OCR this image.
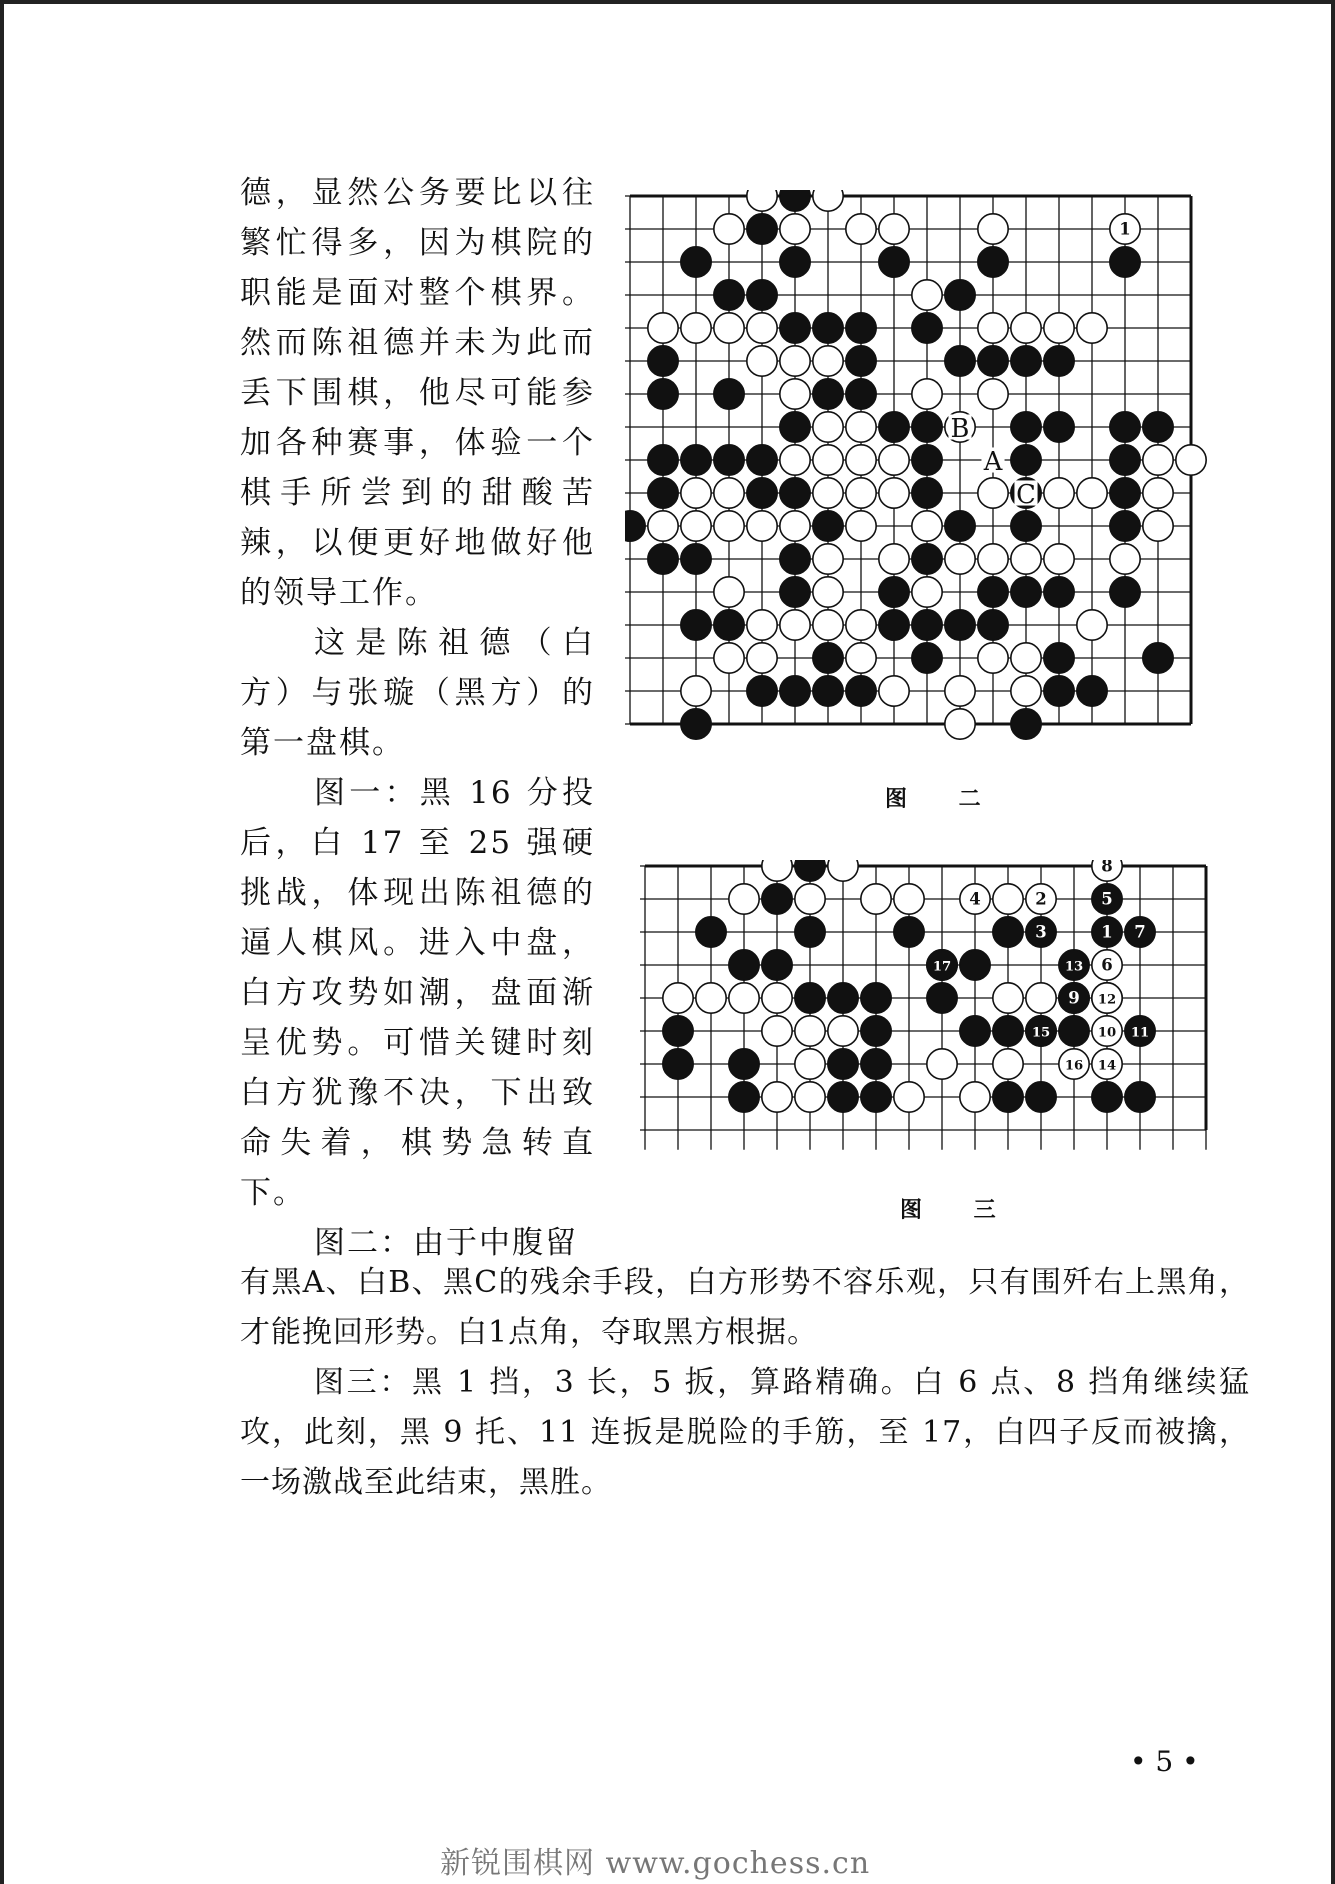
德，显然公务要比以往繁忙得多，因为棋院的职能是面对整个棋界。然而陈祖德并未为此而丢下围棋，他尽可能参加各种赛事，体验一个棋手所尝到的甜酸苦辣，以便更好地做好他的领导工作。

这是陈祖德（白方）与张璇（黑方）的第一盘棋。

图一：黑 16 分投后，白 17 至 25 强硬挑战，体现出陈祖德的逼人棋风。进入中盘，白方攻势如潮，盘面渐呈优势。可惜关键时刻白方犹豫不决，下出致命失着，棋势急转直下。

图二：由于中腹留

1
B
A
C
图 二
1
2
3
4	5
6
7
8
9
10 11
12
13
14
15
16
17
图 三

有黑A、白B、黑C的残余手段，白方形势不容乐观，只有围歼右上黑角，才能挽回形势。白1点角，夺取黑方根据。

图三：黑 1 挡，3 长，5 扳，算路精确。白 6 点、8 挡角继续猛攻，此刻，黑 9 托、11 连扳是脱险的手筋，至 17，白四子反而被擒，一场激战至此结束，黑胜。

• 5 •
新锐围棋网 www.gochess.cn
